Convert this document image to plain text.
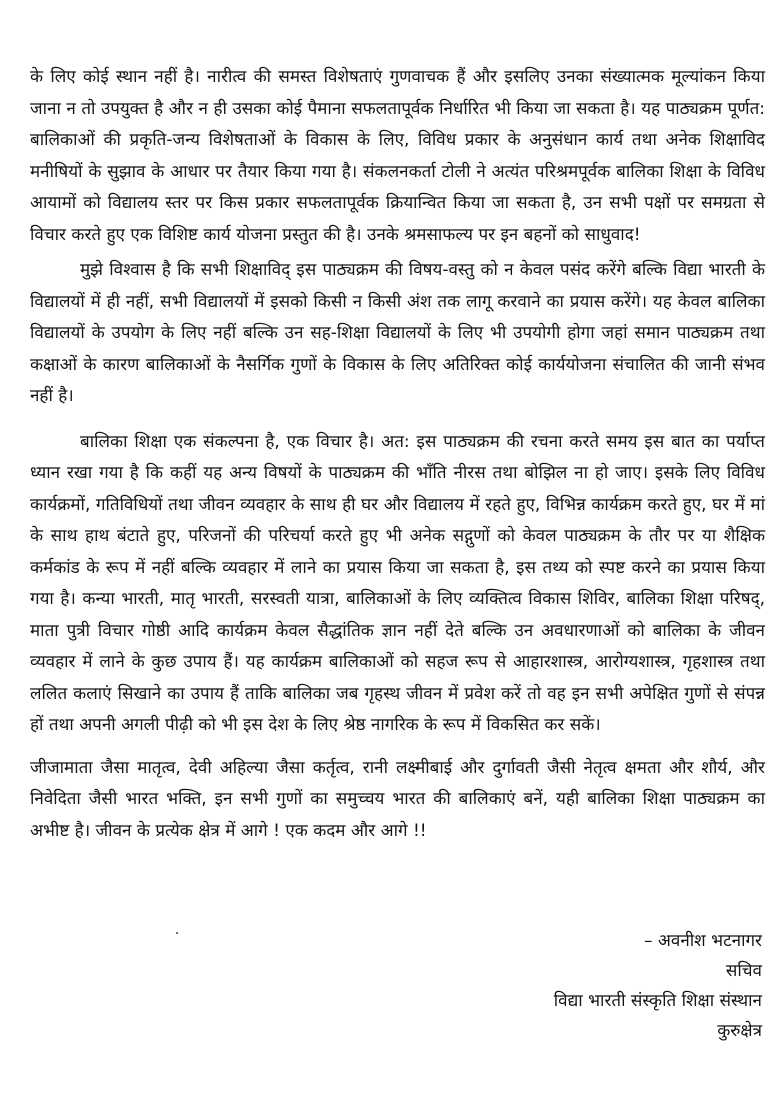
के लिए कोई स्थान नहीं है। नारीत्व की समस्त विशेषताएं गुणवाचक हैं और इसलिए उनका संख्यात्मक मूल्यांकन किया जाना न तो उपयुक्त है और न ही उसका कोई पैमाना सफलतापूर्वक निर्धारित भी किया जा सकता है। यह पाठ्यक्रम पूर्णत: बालिकाओं की प्रकृति-जन्य विशेषताओं के विकास के लिए, विविध प्रकार के अनुसंधान कार्य तथा अनेक शिक्षाविद मनीषियों के सुझाव के आधार पर तैयार किया गया है। संकलनकर्ता टोली ने अत्यंत परिश्रमपूर्वक बालिका शिक्षा के विविध आयामों को विद्यालय स्तर पर किस प्रकार सफलतापूर्वक क्रियान्वित किया जा सकता है, उन सभी पक्षों पर समग्रता से विचार करते हुए एक विशिष्ट कार्य योजना प्रस्तुत की है। उनके श्रमसाफल्य पर इन बहनों को साधुवाद!

मुझे विश्वास है कि सभी शिक्षाविद् इस पाठ्यक्रम की विषय-वस्तु को न केवल पसंद करेंगे बल्कि विद्या भारती के विद्यालयों में ही नहीं, सभी विद्यालयों में इसको किसी न किसी अंश तक लागू करवाने का प्रयास करेंगे। यह केवल बालिका विद्यालयों के उपयोग के लिए नहीं बल्कि उन सह-शिक्षा विद्यालयों के लिए भी उपयोगी होगा जहां समान पाठ्यक्रम तथा कक्षाओं के कारण बालिकाओं के नैसर्गिक गुणों के विकास के लिए अतिरिक्त कोई कार्ययोजना संचालित की जानी संभव नहीं है।

बालिका शिक्षा एक संकल्पना है, एक विचार है। अत: इस पाठ्यक्रम की रचना करते समय इस बात का पर्याप्त ध्यान रखा गया है कि कहीं यह अन्य विषयों के पाठ्यक्रम की भाँति नीरस तथा बोझिल ना हो जाए। इसके लिए विविध कार्यक्रमों, गतिविधियों तथा जीवन व्यवहार के साथ ही घर और विद्यालय में रहते हुए, विभिन्न कार्यक्रम करते हुए, घर में मां के साथ हाथ बंटाते हुए, परिजनों की परिचर्या करते हुए भी अनेक सद्गुणों को केवल पाठ्यक्रम के तौर पर या शैक्षिक कर्मकांड के रूप में नहीं बल्कि व्यवहार में लाने का प्रयास किया जा सकता है, इस तथ्य को स्पष्ट करने का प्रयास किया गया है। कन्या भारती, मातृ भारती, सरस्वती यात्रा, बालिकाओं के लिए व्यक्तित्व विकास शिविर, बालिका शिक्षा परिषद्, माता पुत्री विचार गोष्ठी आदि कार्यक्रम केवल सैद्धांतिक ज्ञान नहीं देते बल्कि उन अवधारणाओं को बालिका के जीवन व्यवहार में लाने के कुछ उपाय हैं। यह कार्यक्रम बालिकाओं को सहज रूप से आहारशास्त्र, आरोग्यशास्त्र, गृहशास्त्र तथा ललित कलाएं सिखाने का उपाय हैं ताकि बालिका जब गृहस्थ जीवन में प्रवेश करें तो वह इन सभी अपेक्षित गुणों से संपन्न हों तथा अपनी अगली पीढ़ी को भी इस देश के लिए श्रेष्ठ नागरिक के रूप में विकसित कर सकें।

जीजामाता जैसा मातृत्व, देवी अहिल्या जैसा कर्तृत्व, रानी लक्ष्मीबाई और दुर्गावती जैसी नेतृत्व क्षमता और शौर्य, और निवेदिता जैसी भारत भक्ति, इन सभी गुणों का समुच्चय भारत की बालिकाएं बनें, यही बालिका शिक्षा पाठ्यक्रम का अभीष्ट है। जीवन के प्रत्येक क्षेत्र में आगे ! एक कदम और आगे !!

– अवनीश भटनागर
सचिव
विद्या भारती संस्कृति शिक्षा संस्थान
कुरुक्षेत्र
